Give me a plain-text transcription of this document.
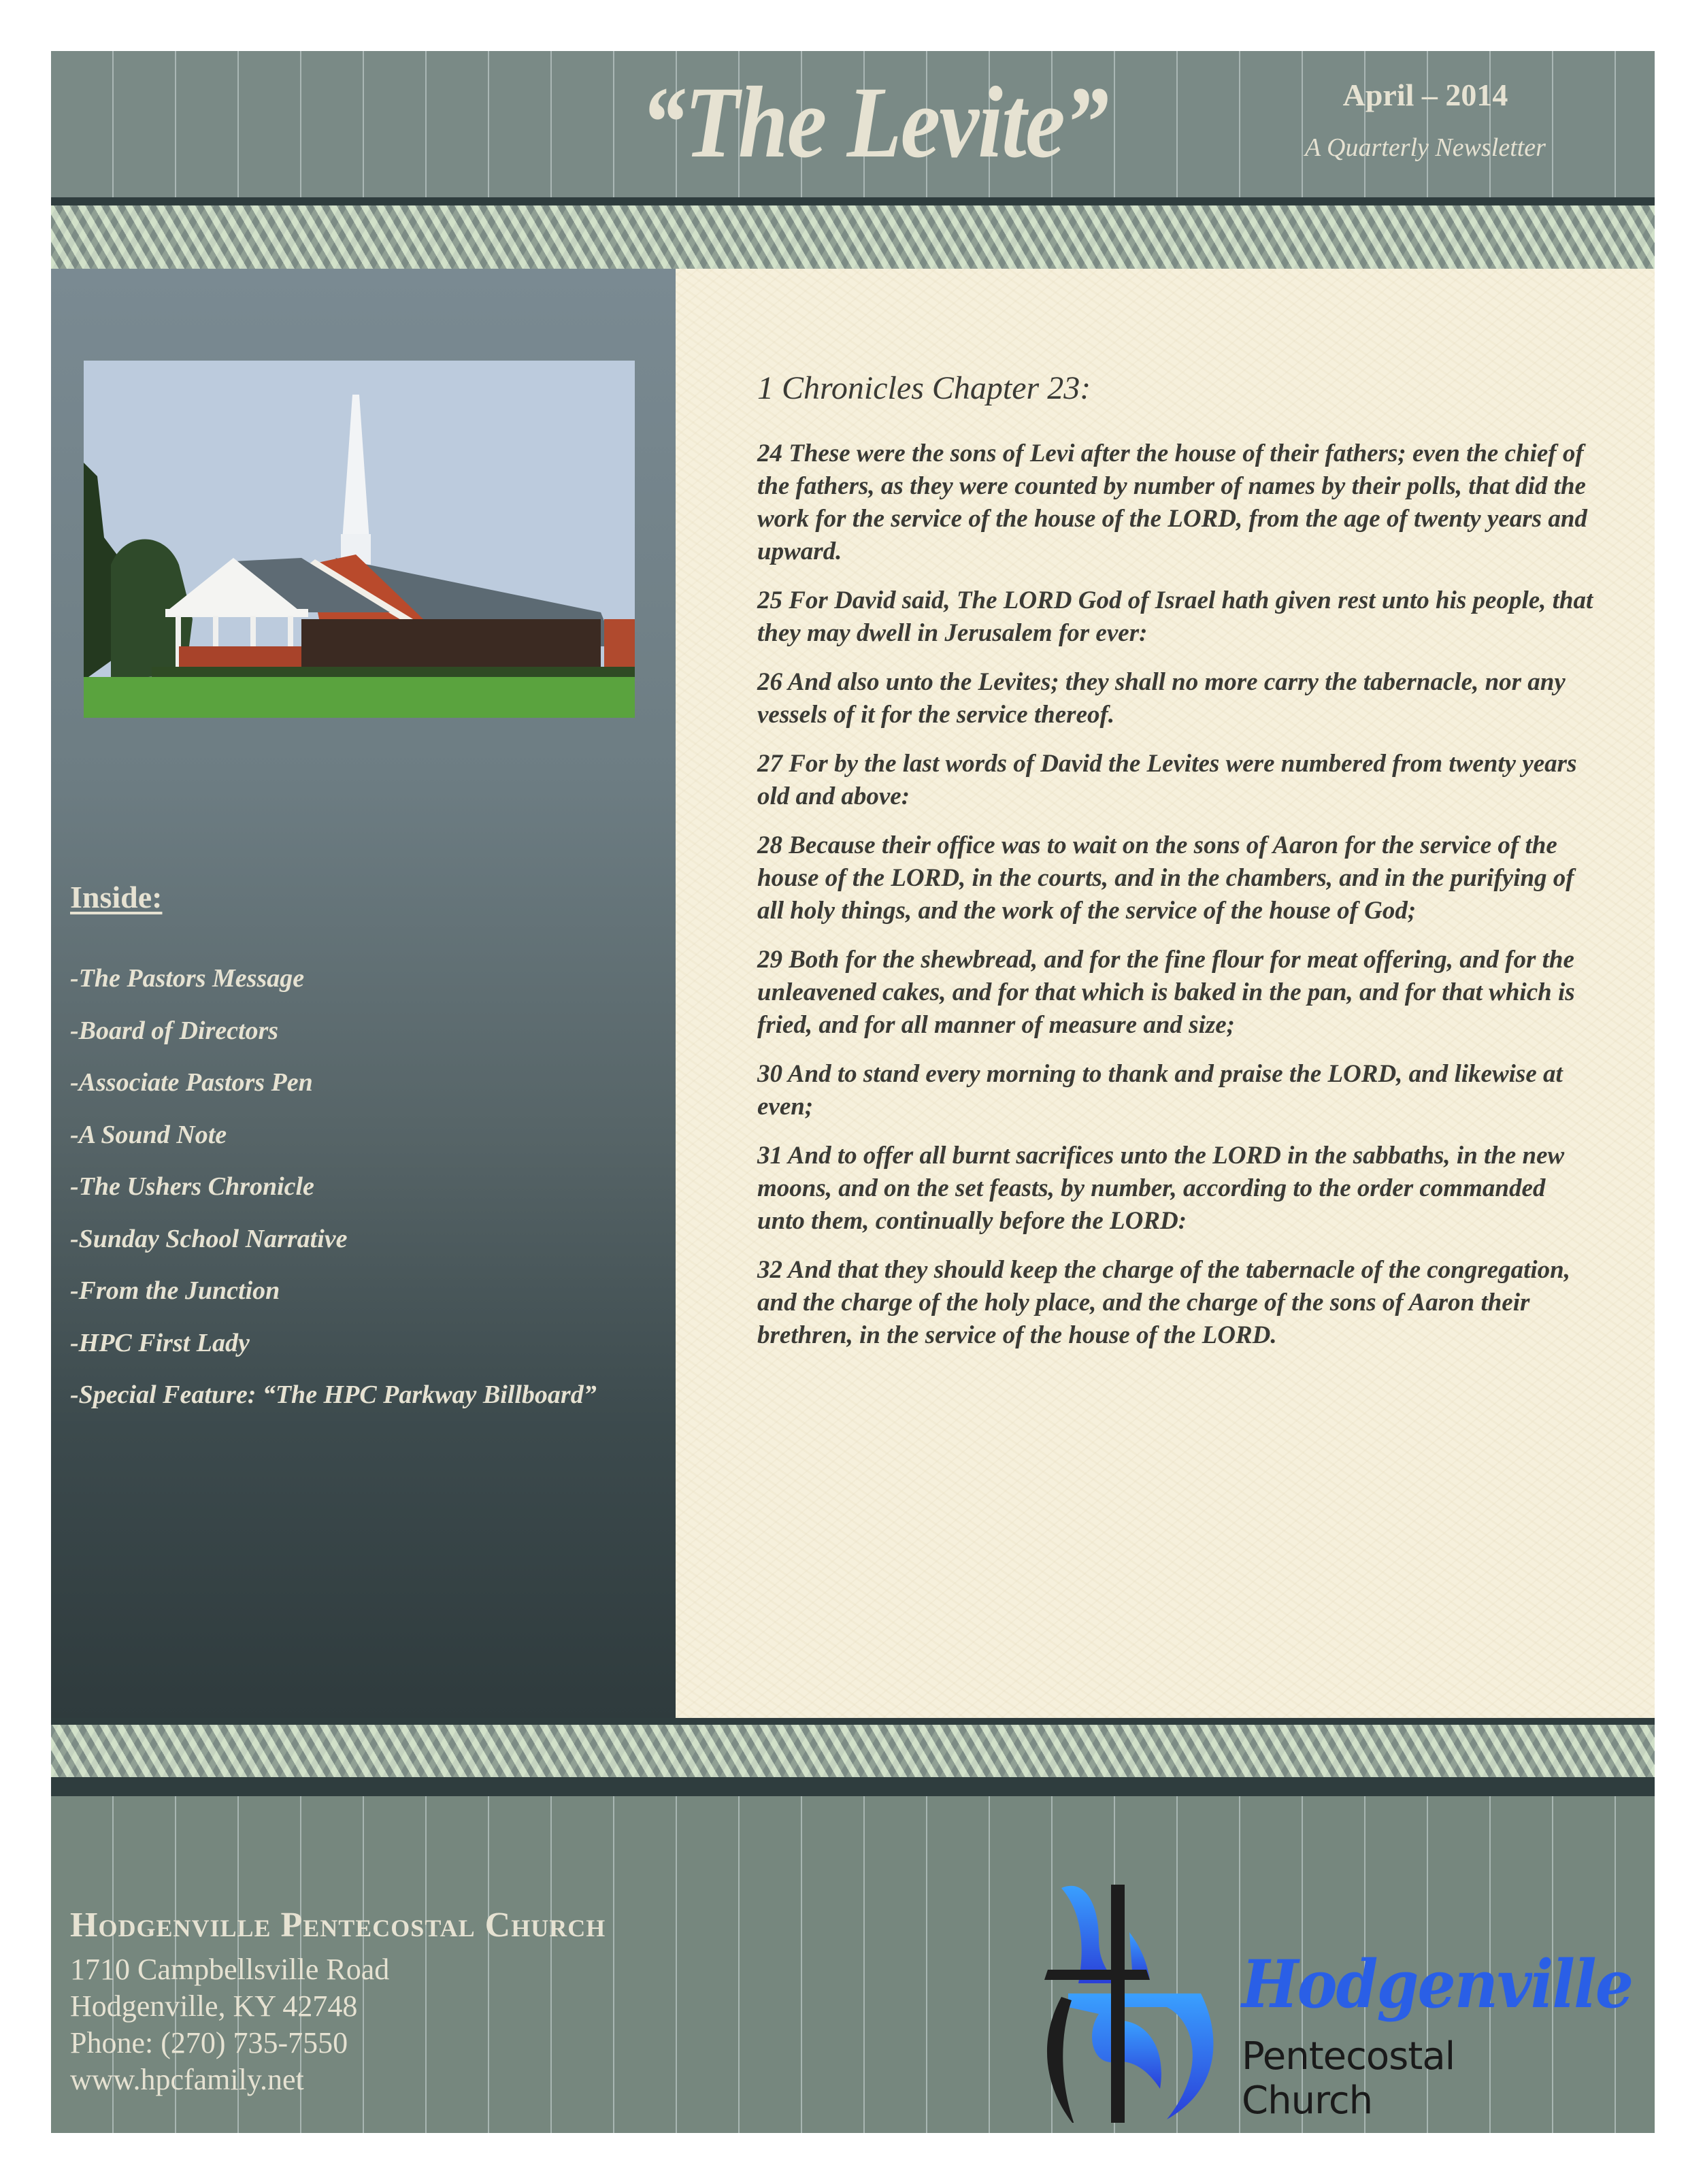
“The Levite”	April – 2014
A Quarterly Newsletter
Inside:
-The Pastors Message
-Board of Directors
-Associate Pastors Pen
-A Sound Note
-The Ushers Chronicle
-Sunday School Narrative
-From the Junction
-HPC First Lady
-Special Feature: “The HPC Parkway Billboard”
1 Chronicles Chapter 23:

24 These were the sons of Levi after the house of their fathers; even the chief of the fathers, as they were counted by number of names by their polls, that did the work for the service of the house of the LORD, from the age of twenty years and upward.

25 For David said, The LORD God of Israel hath given rest unto his people, that they may dwell in Jerusalem for ever:

26 And also unto the Levites; they shall no more carry the tabernacle, nor any vessels of it for the service thereof.

27 For by the last words of David the Levites were numbered from twenty years old and above:

28 Because their office was to wait on the sons of Aaron for the service of the house of the LORD, in the courts, and in the chambers, and in the purifying of all holy things, and the work of the service of the house of God;

29 Both for the shewbread, and for the fine flour for meat offering, and for the unleavened cakes, and for that which is baked in the pan, and for that which is fried, and for all manner of measure and size;

30 And to stand every morning to thank and praise the LORD, and likewise at even;

31 And to offer all burnt sacrifices unto the LORD in the sabbaths, in the new moons, and on the set feasts, by number, according to the order commanded unto them, continually before the LORD:

32 And that they should keep the charge of the tabernacle of the congregation, and the charge of the holy place, and the charge of the sons of Aaron their brethren, in the service of the house of the LORD.

Hodgenville Pentecostal Church
1710 Campbellsville Road
Hodgenville, KY 42748
Phone: (270) 735-7550
www.hpcfamily.net
Hodgenville
Pentecostal Church
